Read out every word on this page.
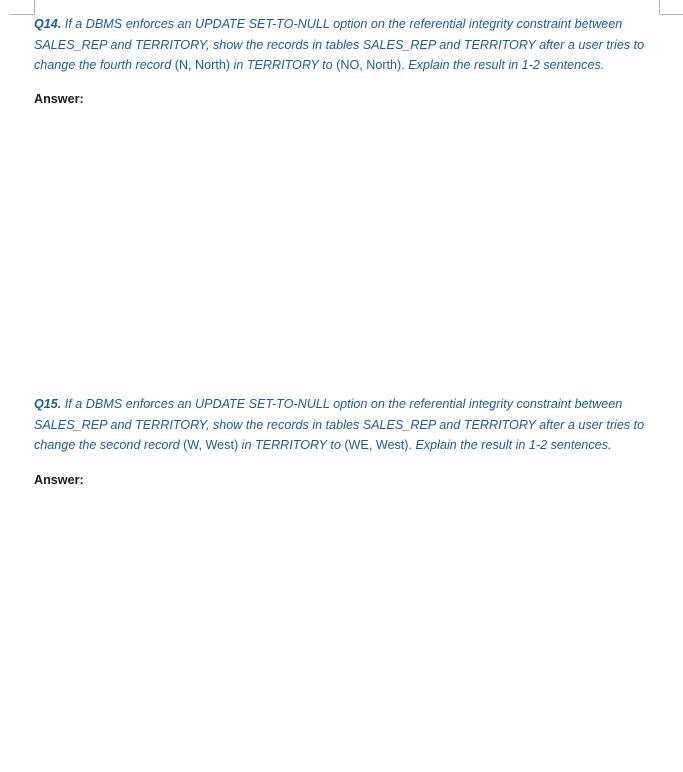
Q14. If a DBMS enforces an UPDATE SET-TO-NULL option on the referential integrity constraint between
SALES_REP and TERRITORY, show the records in tables SALES_REP and TERRITORY after a user tries to
change the fourth record (N, North) in TERRITORY to (NO, North). Explain the result in 1-2 sentences.

Answer:

Q15. If a DBMS enforces an UPDATE SET-TO-NULL option on the referential integrity constraint between
SALES_REP and TERRITORY, show the records in tables SALES_REP and TERRITORY after a user tries to
change the second record (W, West) in TERRITORY to (WE, West). Explain the result in 1-2 sentences.

Answer:
